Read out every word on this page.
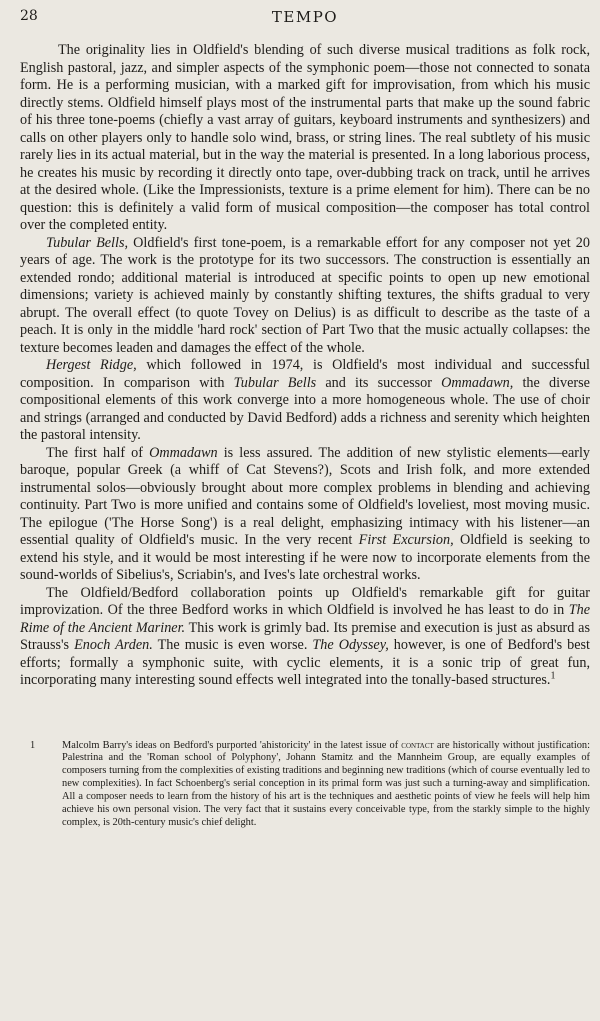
28	TEMPO

The originality lies in Oldfield's blending of such diverse musical traditions as folk rock, English pastoral, jazz, and simpler aspects of the symphonic poem—those not connected to sonata form. He is a performing musician, with a marked gift for improvisation, from which his music directly stems. Oldfield himself plays most of the instrumental parts that make up the sound fabric of his three tone-poems (chiefly a vast array of guitars, keyboard instruments and synthesizers) and calls on other players only to handle solo wind, brass, or string lines. The real subtlety of his music rarely lies in its actual material, but in the way the material is presented. In a long laborious process, he creates his music by recording it directly onto tape, over-dubbing track on track, until he arrives at the desired whole. (Like the Impressionists, texture is a prime element for him). There can be no question: this is definitely a valid form of musical composition—the composer has total control over the completed entity.

Tubular Bells, Oldfield's first tone-poem, is a remarkable effort for any composer not yet 20 years of age. The work is the prototype for its two successors. The construction is essentially an extended rondo; additional material is introduced at specific points to open up new emotional dimensions; variety is achieved mainly by constantly shifting textures, the shifts gradual to very abrupt. The overall effect (to quote Tovey on Delius) is as difficult to describe as the taste of a peach. It is only in the middle 'hard rock' section of Part Two that the music actually collapses: the texture becomes leaden and damages the effect of the whole.

Hergest Ridge, which followed in 1974, is Oldfield's most individual and successful composition. In comparison with Tubular Bells and its successor Ommadawn, the diverse compositional elements of this work converge into a more homogeneous whole. The use of choir and strings (arranged and conducted by David Bedford) adds a richness and serenity which heighten the pastoral intensity.

The first half of Ommadawn is less assured. The addition of new stylistic elements—early baroque, popular Greek (a whiff of Cat Stevens?), Scots and Irish folk, and more extended instrumental solos—obviously brought about more complex problems in blending and achieving continuity. Part Two is more unified and contains some of Oldfield's loveliest, most moving music. The epilogue ('The Horse Song') is a real delight, emphasizing intimacy with his listener—an essential quality of Oldfield's music. In the very recent First Excursion, Oldfield is seeking to extend his style, and it would be most interesting if he were now to incorporate elements from the sound-worlds of Sibelius's, Scriabin's, and Ives's late orchestral works.

The Oldfield/Bedford collaboration points up Oldfield's remarkable gift for guitar improvization. Of the three Bedford works in which Oldfield is involved he has least to do in The Rime of the Ancient Mariner. This work is grimly bad. Its premise and execution is just as absurd as Strauss's Enoch Arden. The music is even worse. The Odyssey, however, is one of Bedford's best efforts; formally a symphonic suite, with cyclic elements, it is a sonic trip of great fun, incorporating many interesting sound effects well integrated into the tonally-based structures.$^1$

1	Malcolm Barry's ideas on Bedford's purported 'ahistoricity' in the latest issue of contact are historically without justification: Palestrina and the 'Roman school of Polyphony', Johann Stamitz and the Mannheim Group, are equally examples of composers turning from the complexities of existing traditions and beginning new traditions (which of course eventually led to new complexities). In fact Schoenberg's serial conception in its primal form was just such a turning-away and simplification. All a composer needs to learn from the history of his art is the techniques and aesthetic points of view he feels will help him achieve his own personal vision. The very fact that it sustains every conceivable type, from the starkly simple to the highly complex, is 20th-century music's chief delight.
